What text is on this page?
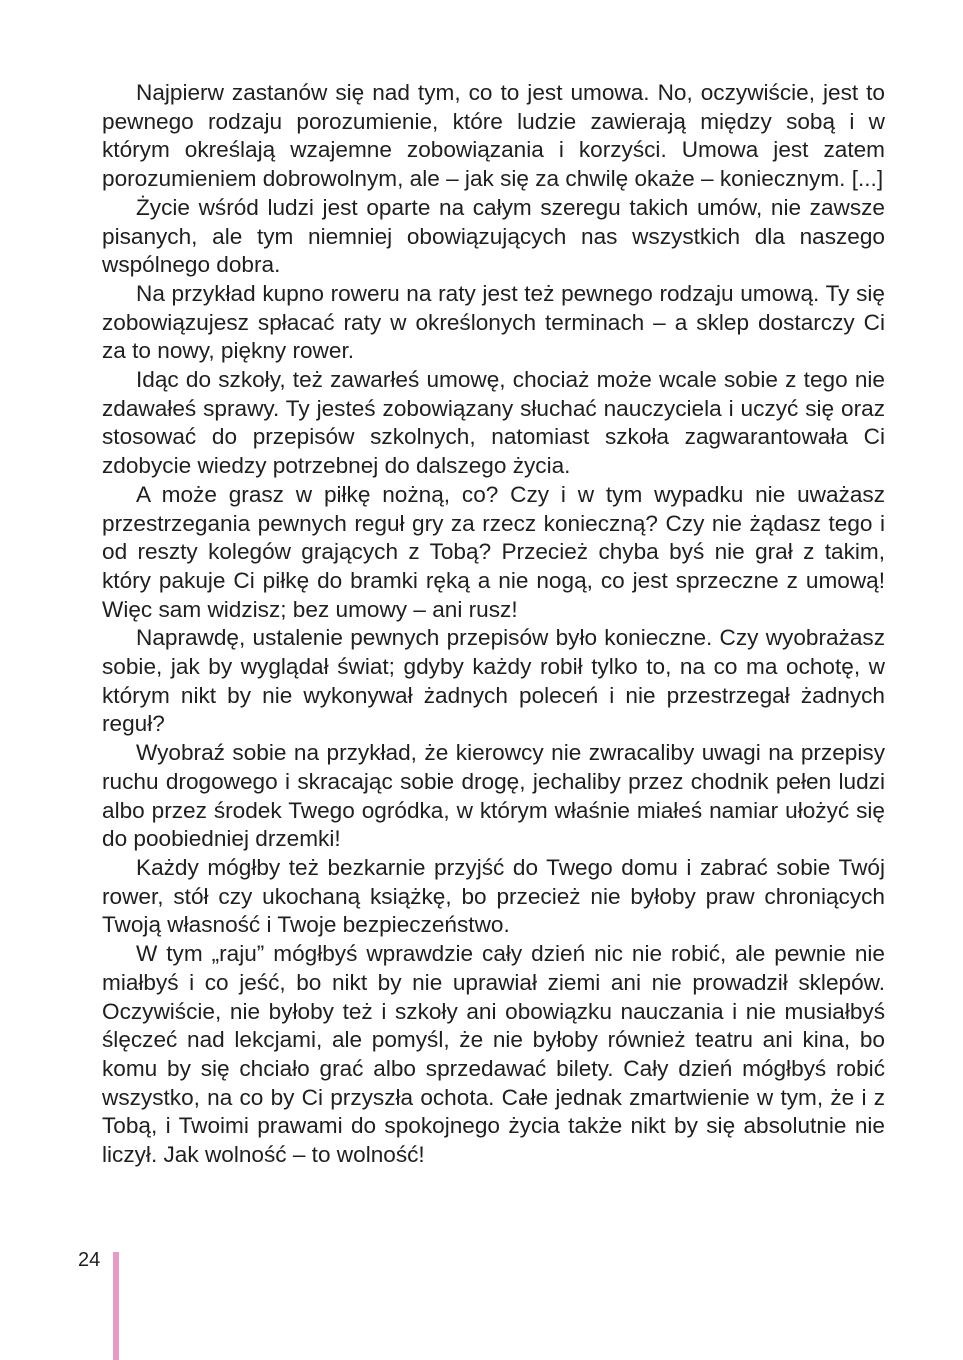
Najpierw zastanów się nad tym, co to jest umowa. No, oczywiście, jest to pewnego rodzaju porozumienie, które ludzie zawierają między sobą i w którym określają wzajemne zobowiązania i korzyści. Umowa jest zatem porozumieniem dobrowolnym, ale – jak się za chwilę okaże – koniecznym. [...]

Życie wśród ludzi jest oparte na całym szeregu takich umów, nie zawsze pisanych, ale tym niemniej obowiązujących nas wszystkich dla naszego wspólnego dobra.

Na przykład kupno roweru na raty jest też pewnego rodzaju umową. Ty się zobowiązujesz spłacać raty w określonych terminach – a sklep dostarczy Ci za to nowy, piękny rower.

Idąc do szkoły, też zawarłeś umowę, chociaż może wcale sobie z tego nie zdawałeś sprawy. Ty jesteś zobowiązany słuchać nauczyciela i uczyć się oraz stosować do przepisów szkolnych, natomiast szkoła zagwarantowała Ci zdobycie wiedzy potrzebnej do dalszego życia.

A może grasz w piłkę nożną, co? Czy i w tym wypadku nie uważasz przestrzegania pewnych reguł gry za rzecz konieczną? Czy nie żądasz tego i od reszty kolegów grających z Tobą? Przecież chyba byś nie grał z takim, który pakuje Ci piłkę do bramki ręką a nie nogą, co jest sprzeczne z umową! Więc sam widzisz; bez umowy – ani rusz!

Naprawdę, ustalenie pewnych przepisów było konieczne. Czy wyobrażasz sobie, jak by wyglądał świat; gdyby każdy robił tylko to, na co ma ochotę, w którym nikt by nie wykonywał żadnych poleceń i nie przestrzegał żadnych reguł?

Wyobraź sobie na przykład, że kierowcy nie zwracaliby uwagi na przepisy ruchu drogowego i skracając sobie drogę, jechaliby przez chodnik pełen ludzi albo przez środek Twego ogródka, w którym właśnie miałeś namiar ułożyć się do poobiedniej drzemki!

Każdy mógłby też bezkarnie przyjść do Twego domu i zabrać sobie Twój rower, stół czy ukochaną książkę, bo przecież nie byłoby praw chroniących Twoją własność i Twoje bezpieczeństwo.

W tym „raju” mógłbyś wprawdzie cały dzień nic nie robić, ale pewnie nie miałbyś i co jeść, bo nikt by nie uprawiał ziemi ani nie prowadził sklepów. Oczywiście, nie byłoby też i szkoły ani obowiązku nauczania i nie musiałbyś ślęczeć nad lekcjami, ale pomyśl, że nie byłoby również teatru ani kina, bo komu by się chciało grać albo sprzedawać bilety. Cały dzień mógłbyś robić wszystko, na co by Ci przyszła ochota. Całe jednak zmartwienie w tym, że i z Tobą, i Twoimi prawami do spokojnego życia także nikt by się absolutnie nie liczył. Jak wolność – to wolność!

24
